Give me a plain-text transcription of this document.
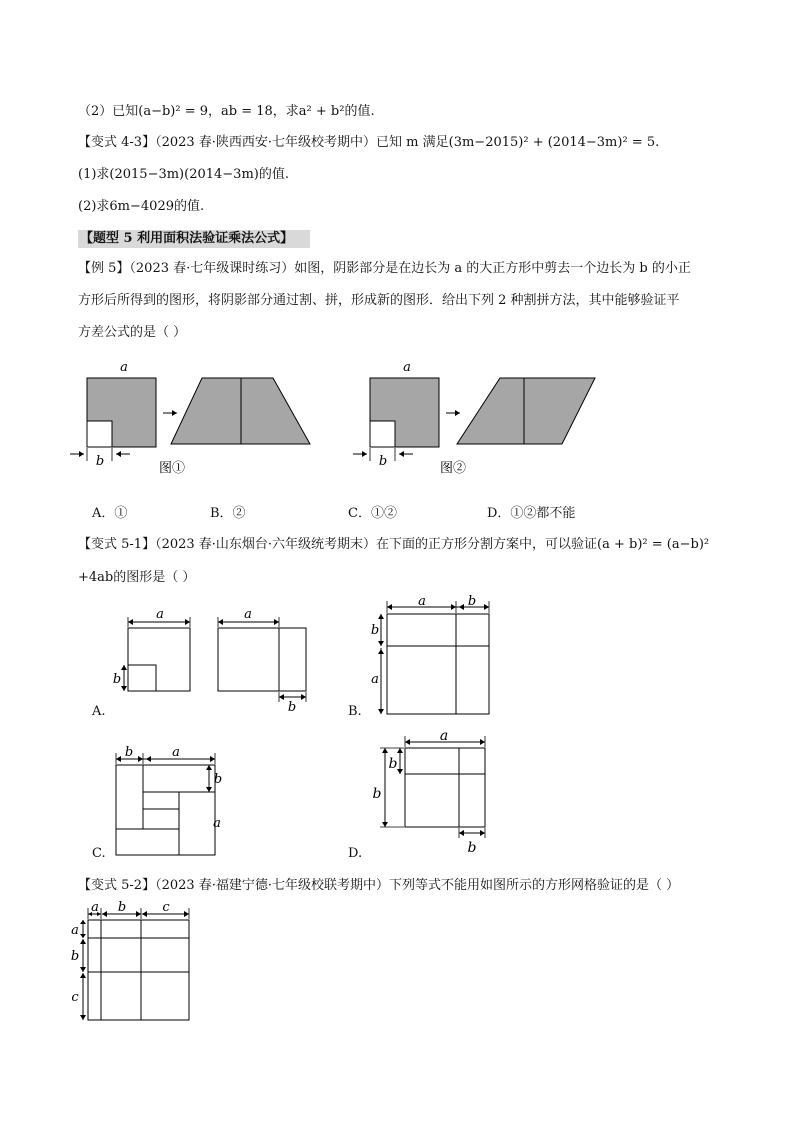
（2）已知(a−b)² = 9，ab = 18，求a² + b²的值.
【变式 4-3】（2023 春·陕西西安·七年级校考期中）已知 m 满足(3m−2015)² + (2014−3m)² = 5.
(1)求(2015−3m)(2014−3m)的值.
(2)求6m−4029的值.
【题型 5 利用面积法验证乘法公式】
【例 5】（2023 春·七年级课时练习）如图，阴影部分是在边长为 a 的大正方形中剪去一个边长为 b 的小正
方形后所得到的图形，将阴影部分通过割、拼，形成新的图形．给出下列 2 种割拼方法，其中能够验证平
方差公式的是（ ）
a
b	图①
a
b	图②
A．①	B．②	C．①②	D．①②都不能
【变式 5-1】（2023 春·山东烟台·六年级统考期末）在下面的正方形分割方案中，可以验证(a + b)² = (a−b)²
+4ab的图形是（ ）
a
b
a
b
A.
a	b
b
a
B.
b	a
b
a
C.
a
b
b
b
D.
【变式 5-2】（2023 春·福建宁德·七年级校联考期中）下列等式不能用如图所示的方形网格验证的是（ ）
a b	c
a
b
c
